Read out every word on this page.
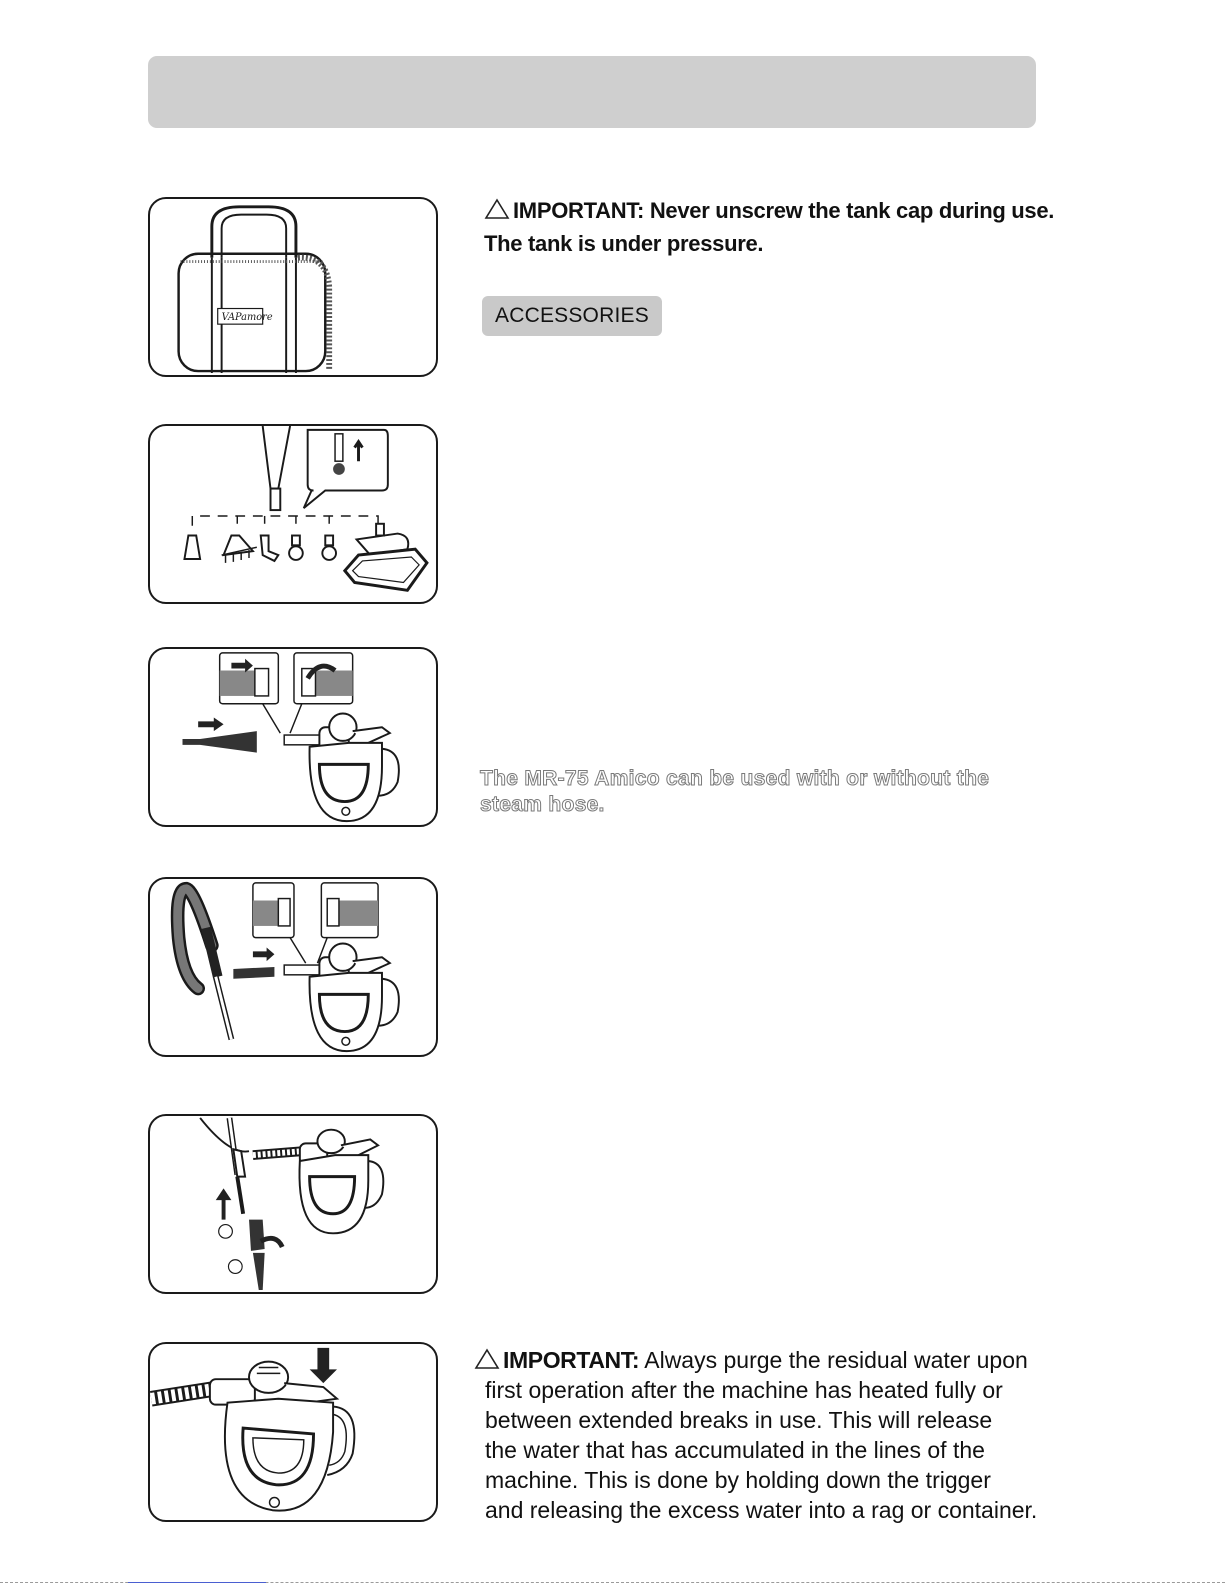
VAPamore
IMPORTANT: Never unscrew the tank cap during use.
The tank is under pressure.
ACCESSORIES
The MR-75 Amico can be used with or without the
steam hose.
IMPORTANT: Always purge the residual water upon
first operation after the machine has heated fully or
between extended breaks in use. This will release
the water that has accumulated in the lines of the
machine. This is done by holding down the trigger
and releasing the excess water into a rag or container.
